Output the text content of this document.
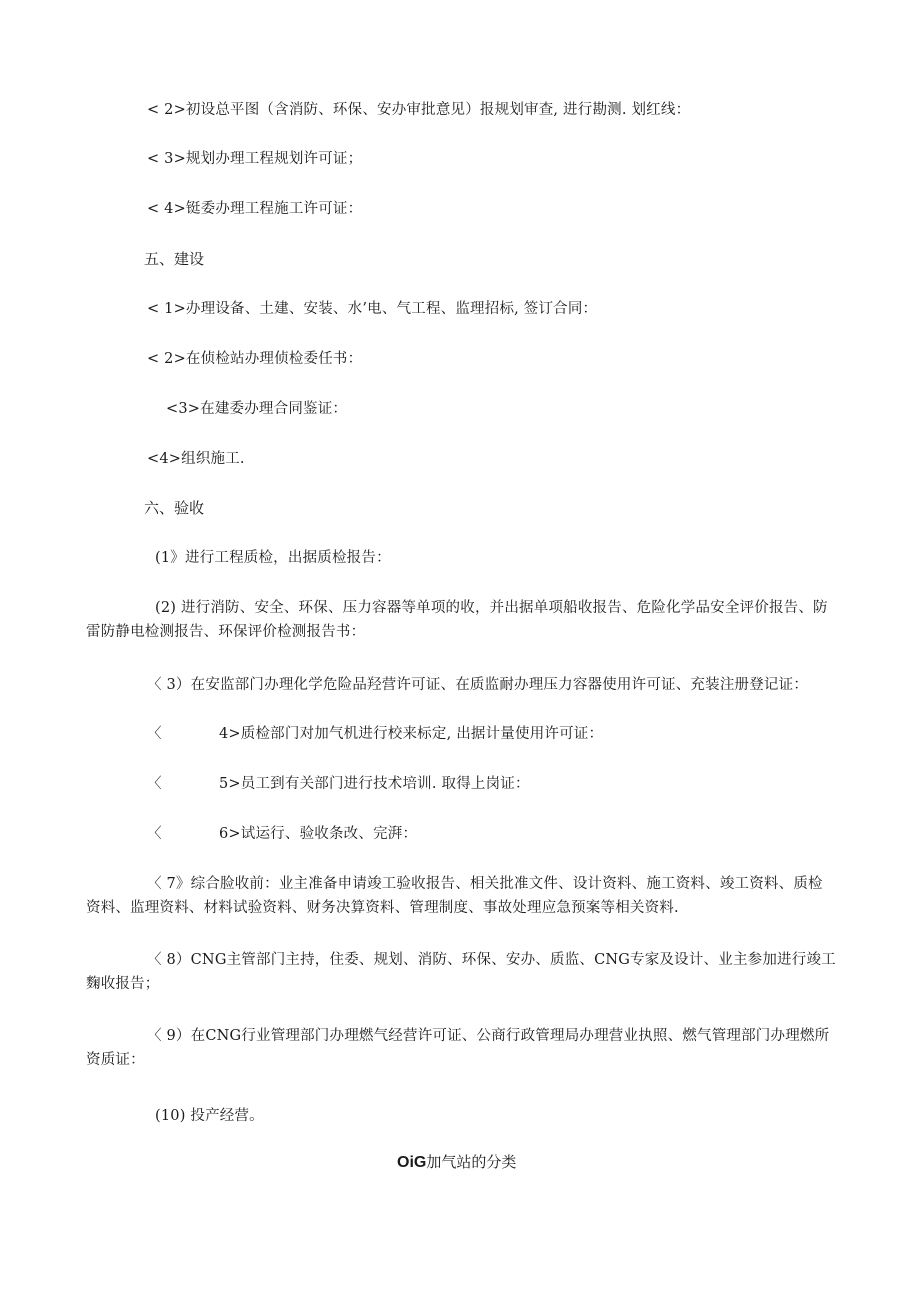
< 2>初设总平图（含消防、环保、安办审批意见）报规划审查, 进行勘测. 划红线：
< 3>规划办理工程规划许可证；
< 4>铤委办理工程施工许可证：
五、建设
< 1>办理设备、土建、安装、水’电、气工程、监理招标, 签订合同：
< 2>在侦检站办理侦检委任书：
<3>在建委办理合同鉴证：
<4>组织施工.
六、验收
(1》进行工程质检，出据质检报告：
(2) 进行消防、安全、环保、压力容器等单项的收，并出据单项船收报告、危险化学品安全评价报告、防雷防静电检测报告、环保评价检测报告书：
〈 3）在安监部门办理化学危险品羟营许可证、在质监耐办理压力容器使用许可证、充装注册登记证：
〈	4>质检部门对加气机进行校来标定, 出据计量使用许可证：
〈	5>员工到有关部门进行技术培训. 取得上岗证：
〈	6>试运行、验收条改、完湃：
〈 7》综合脸收前：业主准备申请竣工验收报告、相关批准文件、设计资料、施工资料、竣工资料、质检资料、监理资料、材料试验资料、财务决算资料、管理制度、事故处理应急预案等相关资料.
〈 8）CNG主管部门主持，住委、规划、消防、环保、安办、质监、CNG专家及设计、业主参加进行竣工麴收报告；
〈 9）在CNG行业管理部门办理燃气经营许可证、公商行政管理局办理营业执照、燃气管理部门办理燃所资质证：
(10) 投产经营。
OiG加气站的分类
